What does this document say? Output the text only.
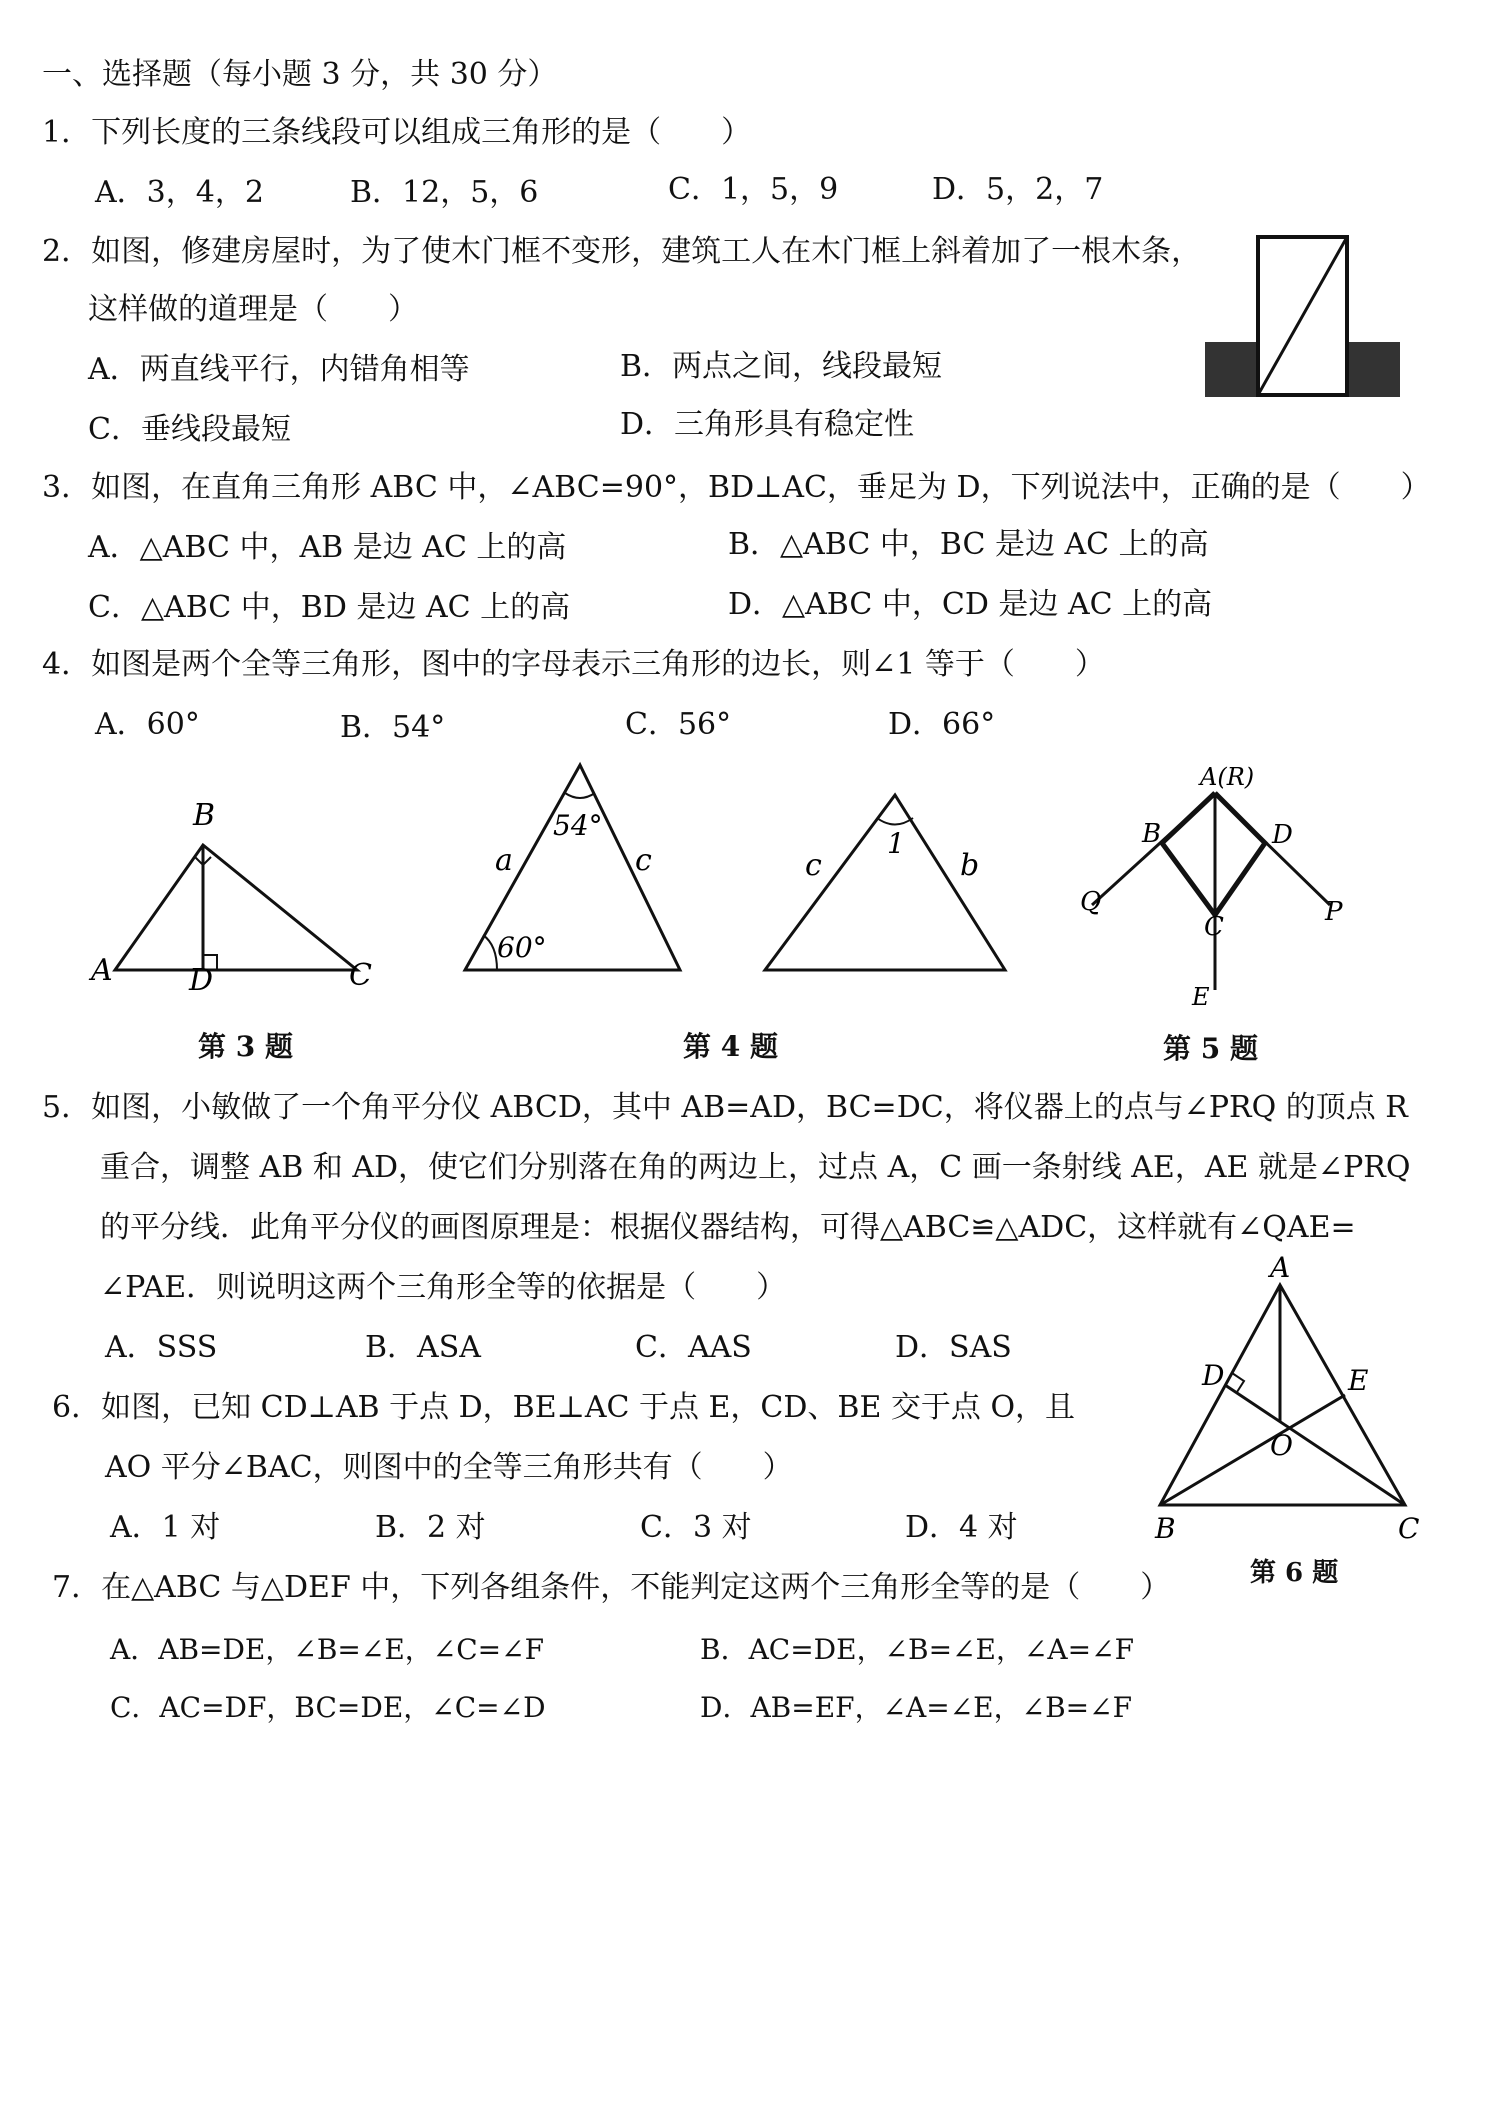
一、选择题（每小题 3 分，共 30 分）
1．下列长度的三条线段可以组成三角形的是（　　）
A．3，4，2	B．12，5，6	C．1，5，9	D．5，2，7
2．如图，修建房屋时，为了使木门框不变形，建筑工人在木门框上斜着加了一根木条，
这样做的道理是（　　）
A．两直线平行，内错角相等	B．两点之间，线段最短
C．垂线段最短	D．三角形具有稳定性
3．如图，在直角三角形 ABC 中，∠ABC=90°，BD⊥AC，垂足为 D，下列说法中，正确的是（　　）
A．△ABC 中，AB 是边 AC 上的高	B．△ABC 中，BC 是边 AC 上的高
C．△ABC 中，BD 是边 AC 上的高	D．△ABC 中，CD 是边 AC 上的高
4．如图是两个全等三角形，图中的字母表示三角形的边长，则∠1 等于（　　）
A．60°	B．54°	C．56°	D．66°
A
B
C
D
a	c
54°
60°
c	b
1
A(R)
B	D
C
Q	P
E
第 3 题	第 4 题	第 5 题
5．如图，小敏做了一个角平分仪 ABCD，其中 AB=AD，BC=DC，将仪器上的点与∠PRQ 的顶点 R
重合，调整 AB 和 AD，使它们分别落在角的两边上，过点 A，C 画一条射线 AE，AE 就是∠PRQ
的平分线．此角平分仪的画图原理是：根据仪器结构，可得△ABC≌△ADC，这样就有∠QAE=
∠PAE．则说明这两个三角形全等的依据是（　　）
A．SSS	B．ASA	C．AAS	D．SAS
6．如图，已知 CD⊥AB 于点 D，BE⊥AC 于点 E，CD、BE 交于点 O，且
AO 平分∠BAC，则图中的全等三角形共有（　　）
A．1 对	B．2 对	C．3 对	D．4 对
A
B	C
D	E
O
第 6 题
7．在△ABC 与△DEF 中，下列各组条件，不能判定这两个三角形全等的是（　　）
A．AB=DE，∠B=∠E，∠C=∠F	B．AC=DE，∠B=∠E，∠A=∠F
C．AC=DF，BC=DE，∠C=∠D	D．AB=EF，∠A=∠E，∠B=∠F
